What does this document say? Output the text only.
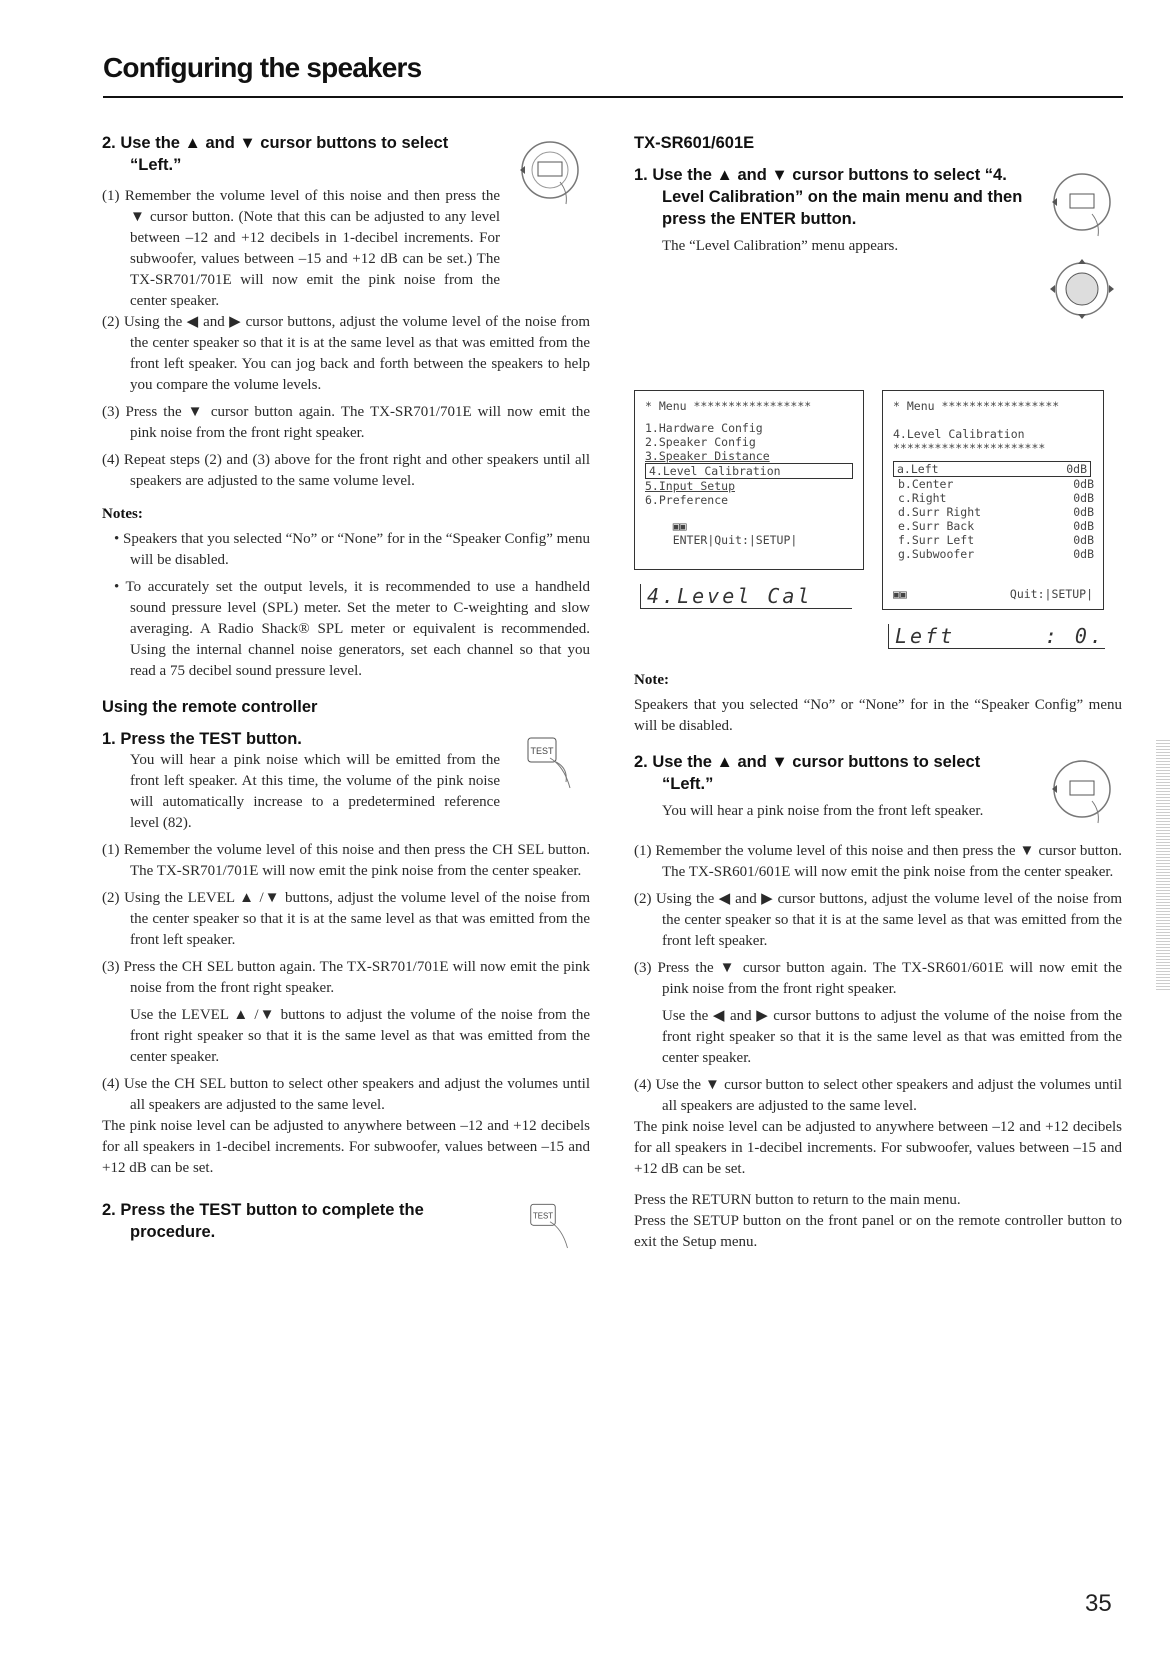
Configuring the speakers

2. Use the ▲ and ▼ cursor buttons to select “Left.”

(1) Remember the volume level of this noise and then press the ▼ cursor button. (Note that this can be adjusted to any level between –12 and +12 decibels in 1-decibel increments. For subwoofer, values between –15 and +12 dB can be set.) The TX-SR701/701E will now emit the pink noise from the center speaker.

(2) Using the ◀ and ▶ cursor buttons, adjust the volume level of the noise from the center speaker so that it is at the same level as that was emitted from the front left speaker. You can jog back and forth between the speakers to help you compare the volume levels.

(3) Press the ▼ cursor button again. The TX-SR701/701E will now emit the pink noise from the front right speaker.

(4) Repeat steps (2) and (3) above for the front right and other speakers until all speakers are adjusted to the same volume level.

Notes:

• Speakers that you selected “No” or “None” for in the “Speaker Config” menu will be disabled.

• To accurately set the output levels, it is recommended to use a handheld sound pressure level (SPL) meter. Set the meter to C-weighting and slow averaging. A Radio Shack® SPL meter or equivalent is recommended. Using the internal channel noise generators, set each channel so that you read a 75 decibel sound pressure level.

Using the remote controller

1. Press the TEST button.

You will hear a pink noise which will be emitted from the front left speaker. At this time, the volume of the pink noise will automatically increase to a predetermined reference level (82).

TEST

(1) Remember the volume level of this noise and then press the CH SEL button. The TX-SR701/701E will now emit the pink noise from the center speaker.

(2) Using the LEVEL ▲ /▼ buttons, adjust the volume level of the noise from the center speaker so that it is at the same level as that was emitted from the front left speaker.

(3) Press the CH SEL button again. The TX-SR701/701E will now emit the pink noise from the front right speaker.

Use the LEVEL ▲ /▼ buttons to adjust the volume of the noise from the front right speaker so that it is the same level as that was emitted from the center speaker.

(4) Use the CH SEL button to select other speakers and adjust the volumes until all speakers are adjusted to the same level.

The pink noise level can be adjusted to anywhere between –12 and +12 decibels for all speakers in 1-decibel increments. For subwoofer, values between –15 and +12 dB can be set.

2. Press the TEST button to complete the procedure.

TEST

TX-SR601/601E

1. Use the ▲ and ▼ cursor buttons to select “4. Level Calibration” on the main menu and then press the ENTER button.

The “Level Calibration” menu appears.

* Menu *****************
1.Hardware Config
2.Speaker Config
3.Speaker Distance
4.Level Calibration
5.Input Setup
6.Preference

▣▣
ENTER|Quit:|SETUP|

4.Level Cal
* Menu *****************
4.Level Calibration
**********************
a.Left	0dB
b.Center	0dB
c.Right	0dB
d.Surr Right	0dB
e.Surr Back	0dB
f.Surr Left	0dB
g.Subwoofer	0dB
▣▣	Quit:|SETUP|
Left	: 0.

Note:

Speakers that you selected “No” or “None” for in the “Speaker Config” menu will be disabled.

2. Use the ▲ and ▼ cursor buttons to select “Left.”

You will hear a pink noise from the front left speaker.

(1) Remember the volume level of this noise and then press the ▼ cursor button. The TX-SR601/601E will now emit the pink noise from the center speaker.

(2) Using the ◀ and ▶ cursor buttons, adjust the volume level of the noise from the center speaker so that it is at the same level as that was emitted from the front left speaker.

(3) Press the ▼ cursor button again. The TX-SR601/601E will now emit the pink noise from the front right speaker.

Use the ◀ and ▶ cursor buttons to adjust the volume of the noise from the front right speaker so that it is the same level as that was emitted from the center speaker.

(4) Use the ▼ cursor button to select other speakers and adjust the volumes until all speakers are adjusted to the same level.

The pink noise level can be adjusted to anywhere between –12 and +12 decibels for all speakers in 1-decibel increments. For subwoofer, values between –15 and +12 dB can be set.

Press the RETURN button to return to the main menu.

Press the SETUP button on the front panel or on the remote controller button to exit the Setup menu.

35
